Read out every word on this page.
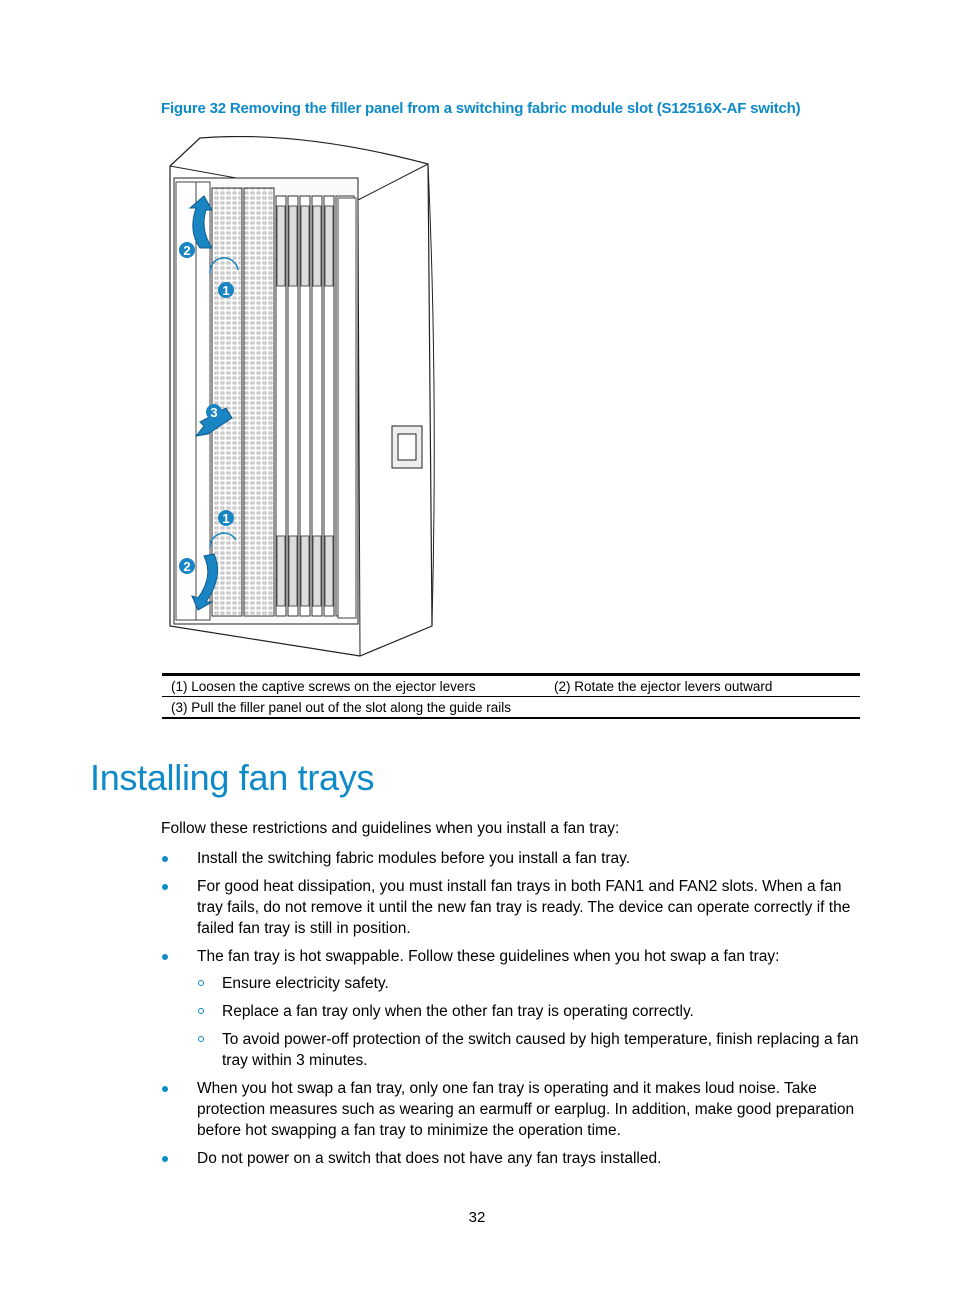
Figure 32 Removing the filler panel from a switching fabric module slot (S12516X-AF switch)
2
1
3
1
2
(1) Loosen the captive screws on the ejector levers	(2) Rotate the ejector levers outward
(3) Pull the filler panel out of the slot along the guide rails	
Installing fan trays

Follow these restrictions and guidelines when you install a fan tray:

Install the switching fabric modules before you install a fan tray.
For good heat dissipation, you must install fan trays in both FAN1 and FAN2 slots. When a fan tray fails, do not remove it until the new fan tray is ready. The device can operate correctly if the failed fan tray is still in position.
The fan tray is hot swappable. Follow these guidelines when you hot swap a fan tray:
Ensure electricity safety.
Replace a fan tray only when the other fan tray is operating correctly.
To avoid power-off protection of the switch caused by high temperature, finish replacing a fan tray within 3 minutes.
When you hot swap a fan tray, only one fan tray is operating and it makes loud noise. Take protection measures such as wearing an earmuff or earplug. In addition, make good preparation before hot swapping a fan tray to minimize the operation time.
Do not power on a switch that does not have any fan trays installed.
32
